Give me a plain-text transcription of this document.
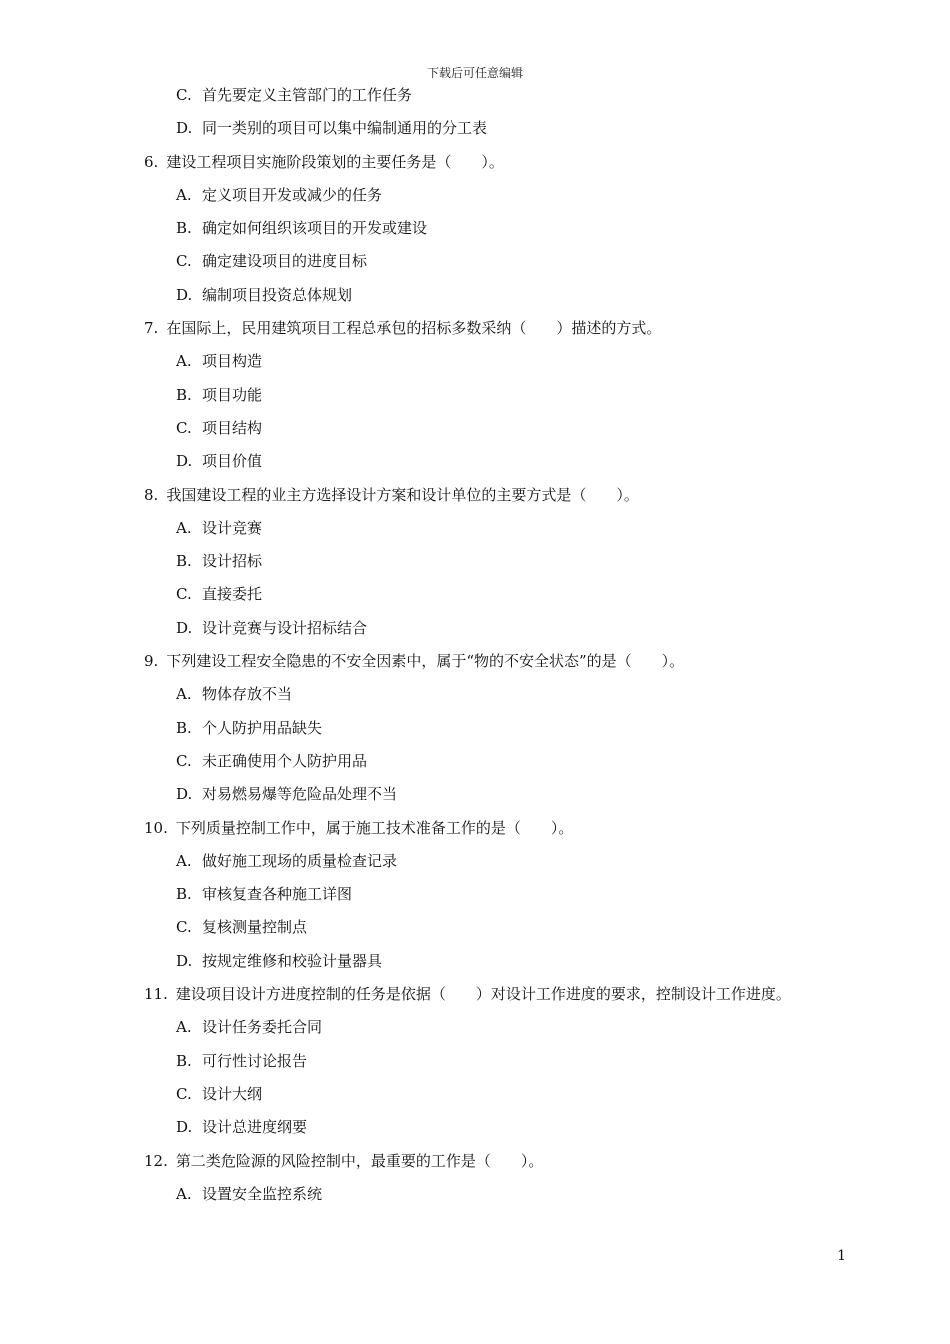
下载后可任意编辑
C. 首先要定义主管部门的工作任务
D. 同一类别的项目可以集中编制通用的分工表
6. 建设工程项目实施阶段策划的主要任务是（　　）。
A. 定义项目开发或减少的任务
B. 确定如何组织该项目的开发或建设
C. 确定建设项目的进度目标
D. 编制项目投资总体规划
7. 在国际上，民用建筑项目工程总承包的招标多数采纳（　　）描述的方式。
A. 项目构造
B. 项目功能
C. 项目结构
D. 项目价值
8. 我国建设工程的业主方选择设计方案和设计单位的主要方式是（　　）。
A. 设计竞赛
B. 设计招标
C. 直接委托
D. 设计竞赛与设计招标结合
9. 下列建设工程安全隐患的不安全因素中，属于“物的不安全状态”的是（　　）。
A. 物体存放不当
B. 个人防护用品缺失
C. 未正确使用个人防护用品
D. 对易燃易爆等危险品处理不当
10. 下列质量控制工作中，属于施工技术准备工作的是（　　）。
A. 做好施工现场的质量检查记录
B. 审核复查各种施工详图
C. 复核测量控制点
D. 按规定维修和校验计量器具
11. 建设项目设计方进度控制的任务是依据（　　）对设计工作进度的要求，控制设计工作进度。
A. 设计任务委托合同
B. 可行性讨论报告
C. 设计大纲
D. 设计总进度纲要
12. 第二类危险源的风险控制中，最重要的工作是（　　）。
A. 设置安全监控系统
1
